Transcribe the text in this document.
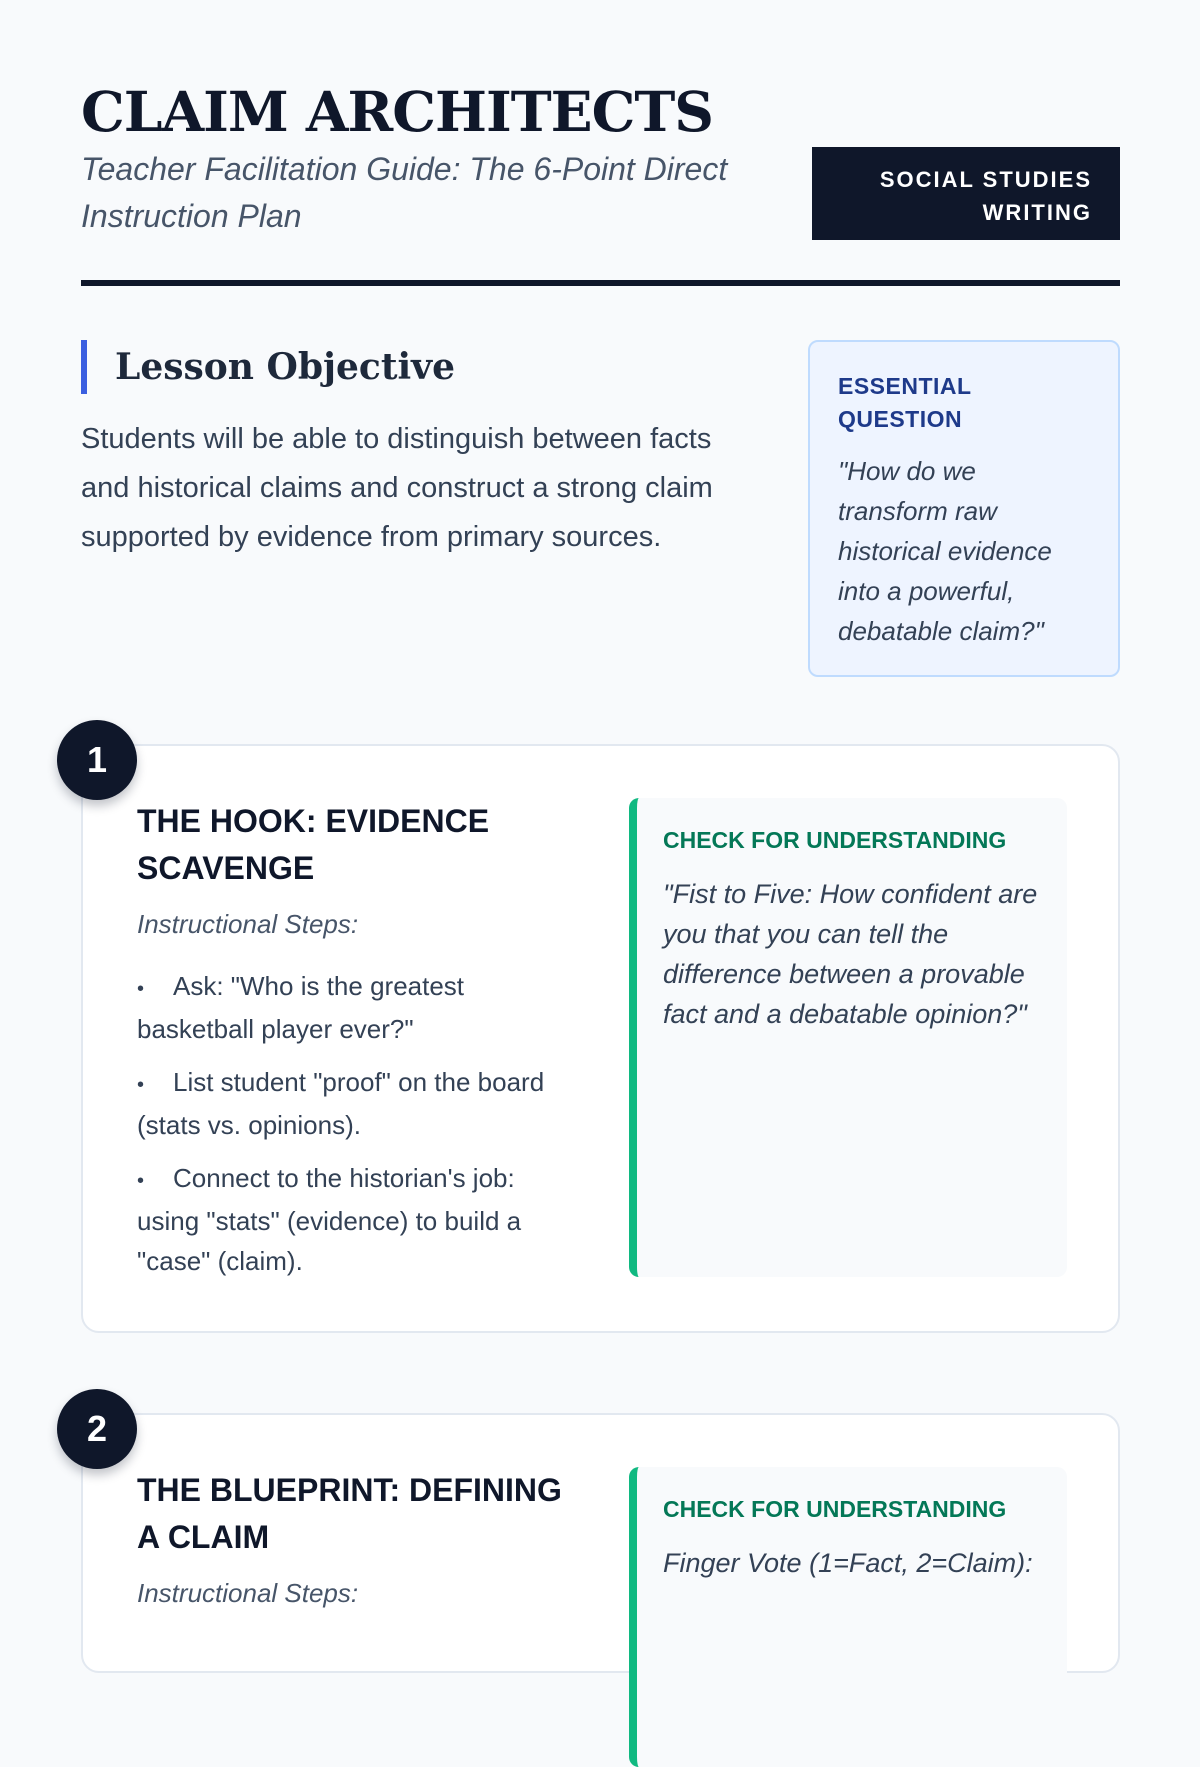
CLAIM ARCHITECTS
Teacher Facilitation Guide: The 6-Point Direct Instruction Plan
SOCIAL STUDIES WRITING
Lesson Objective
Students will be able to distinguish between facts and historical claims and construct a strong claim supported by evidence from primary sources.
ESSENTIAL QUESTION
"How do we transform raw historical evidence into a powerful, debatable claim?"
1
THE HOOK: EVIDENCE SCAVENGE
Instructional Steps:
• Ask: "Who is the greatest basketball player ever?"
• List student "proof" on the board (stats vs. opinions).
• Connect to the historian's job: using "stats" (evidence) to build a "case" (claim).
CHECK FOR UNDERSTANDING
"Fist to Five: How confident are you that you can tell the difference between a provable fact and a debatable opinion?"
2
THE BLUEPRINT: DEFINING A CLAIM
Instructional Steps:
CHECK FOR UNDERSTANDING
Finger Vote (1=Fact, 2=Claim):
